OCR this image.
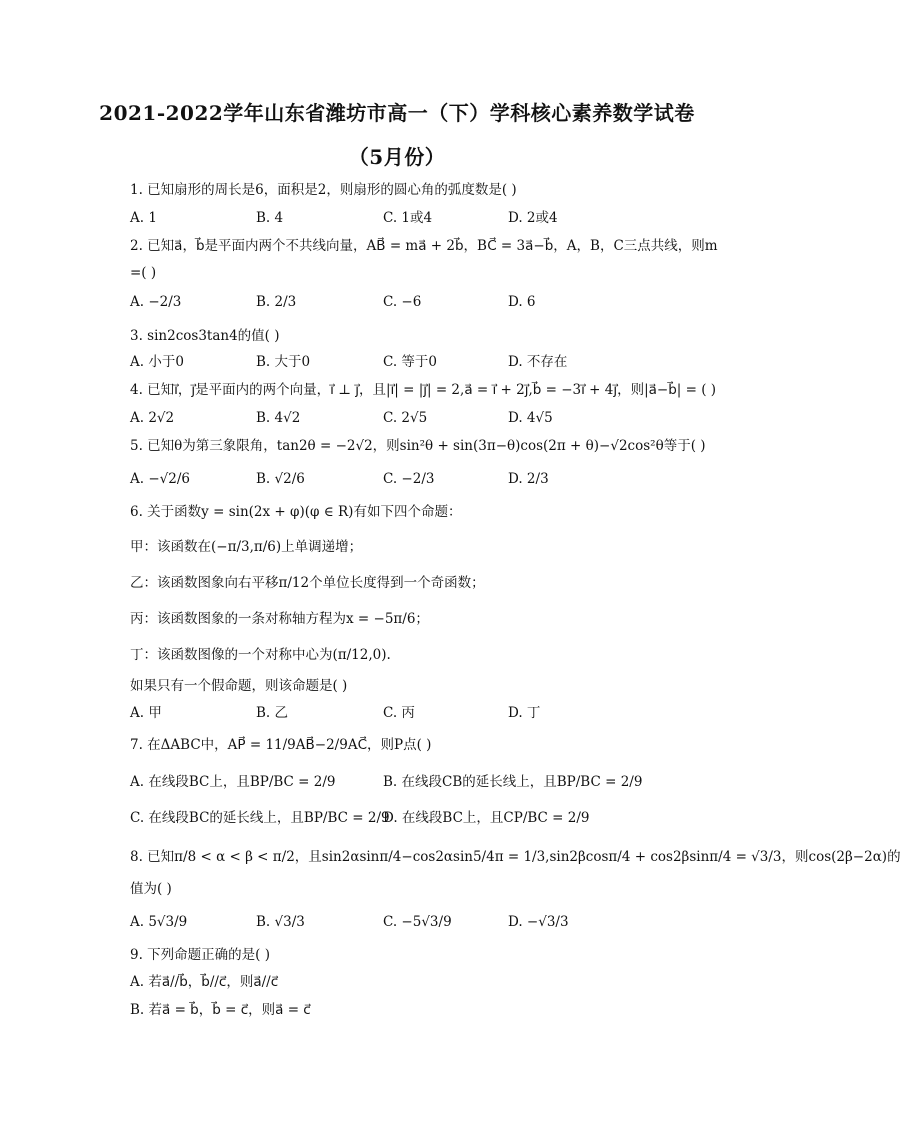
2021-2022学年山东省潍坊市高一（下）学科核心素养数学试卷
（5月份）
1. 已知扇形的周长是6，面积是2，则扇形的圆心角的弧度数是( )
A. 1	B. 4	C. 1或4	D. 2或4
2. 已知a⃗，b⃗是平面内两个不共线向量，AB⃗ = ma⃗ + 2b⃗，BC⃗ = 3a⃗−b⃗，A，B，C三点共线，则m
=( )
A. −2/3	B. 2/3	C. −6	D. 6
3. sin2cos3tan4的值( )
A. 小于0	B. 大于0	C. 等于0	D. 不存在
4. 已知i⃗，j⃗是平面内的两个向量，i⃗ ⊥ j⃗，且|i⃗| = |j⃗| = 2,a⃗ = i⃗ + 2j⃗,b⃗ = −3i⃗ + 4j⃗，则|a⃗−b⃗| = ( )
A. 2√2	B. 4√2	C. 2√5	D. 4√5
5. 已知θ为第三象限角，tan2θ = −2√2，则sin²θ + sin(3π−θ)cos(2π + θ)−√2cos²θ等于( )
A. −√2/6	B. √2/6	C. −2/3	D. 2/3
6. 关于函数y = sin(2x + φ)(φ ∈ R)有如下四个命题：
甲：该函数在(−π/3,π/6)上单调递增；
乙：该函数图象向右平移π/12个单位长度得到一个奇函数；
丙：该函数图象的一条对称轴方程为x = −5π/6；
丁：该函数图像的一个对称中心为(π/12,0).
如果只有一个假命题，则该命题是( )
A. 甲	B. 乙	C. 丙	D. 丁
7. 在ΔABC中，AP⃗ = 11/9AB⃗−2/9AC⃗，则P点( )
A. 在线段BC上，且BP/BC = 2/9	B. 在线段CB的延长线上，且BP/BC = 2/9
C. 在线段BC的延长线上，且BP/BC = 2/9
D. 在线段BC上，且CP/BC = 2/9
8. 已知π/8 < α < β < π/2，且sin2αsinπ/4−cos2αsin5/4π = 1/3,sin2βcosπ/4 + cos2βsinπ/4 = √3/3，则cos(2β−2α)的
值为( )
A. 5√3/9	B. √3/3	C. −5√3/9	D. −√3/3
9. 下列命题正确的是( )
A. 若a⃗//b⃗，b⃗//c⃗，则a⃗//c⃗
B. 若a⃗ = b⃗，b⃗ = c⃗，则a⃗ = c⃗
